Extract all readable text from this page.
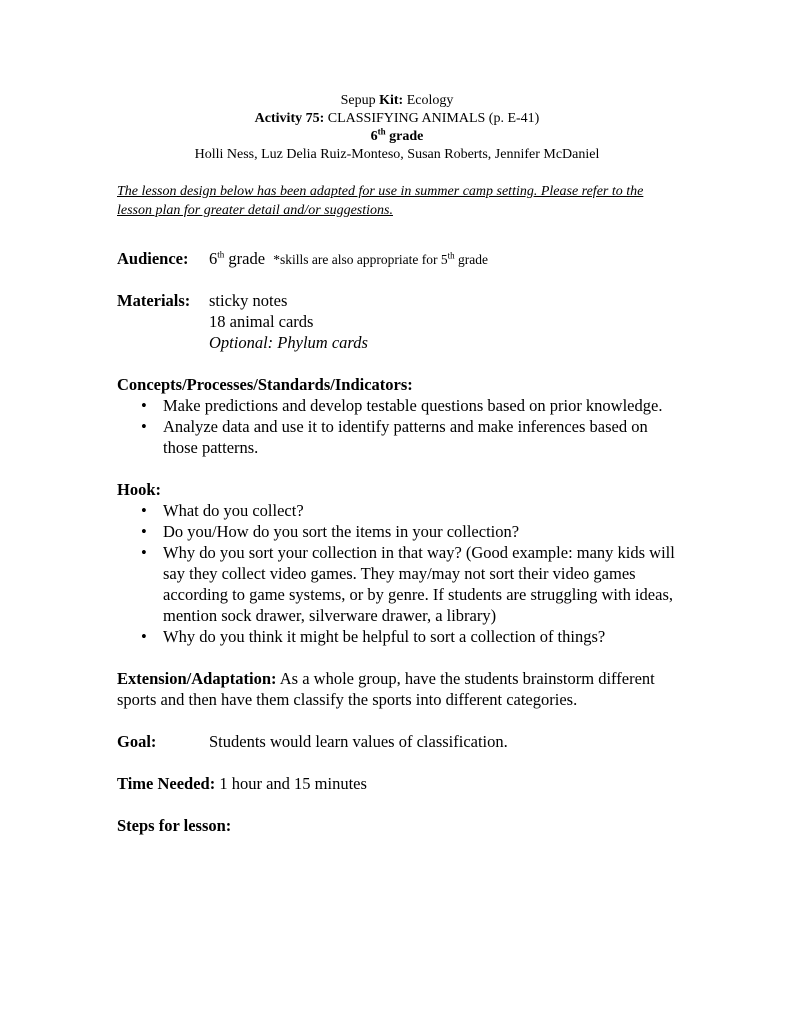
Sepup Kit: Ecology
Activity 75: CLASSIFYING ANIMALS (p. E-41)
6th grade
Holli Ness, Luz Delia Ruiz-Monteso, Susan Roberts, Jennifer McDaniel
The lesson design below has been adapted for use in summer camp setting. Please refer to the lesson plan for greater detail and/or suggestions.
Audience:	6th grade *skills are also appropriate for 5th grade
Materials:	sticky notes
18 animal cards
Optional: Phylum cards
Concepts/Processes/Standards/Indicators:
• Make predictions and develop testable questions based on prior knowledge.
• Analyze data and use it to identify patterns and make inferences based on those patterns.
Hook:
• What do you collect?
• Do you/How do you sort the items in your collection?
• Why do you sort your collection in that way? (Good example: many kids will say they collect video games. They may/may not sort their video games according to game systems, or by genre. If students are struggling with ideas, mention sock drawer, silverware drawer, a library)
• Why do you think it might be helpful to sort a collection of things?
Extension/Adaptation: As a whole group, have the students brainstorm different sports and then have them classify the sports into different categories.
Goal:	Students would learn values of classification.
Time Needed: 1 hour and 15 minutes
Steps for lesson:
